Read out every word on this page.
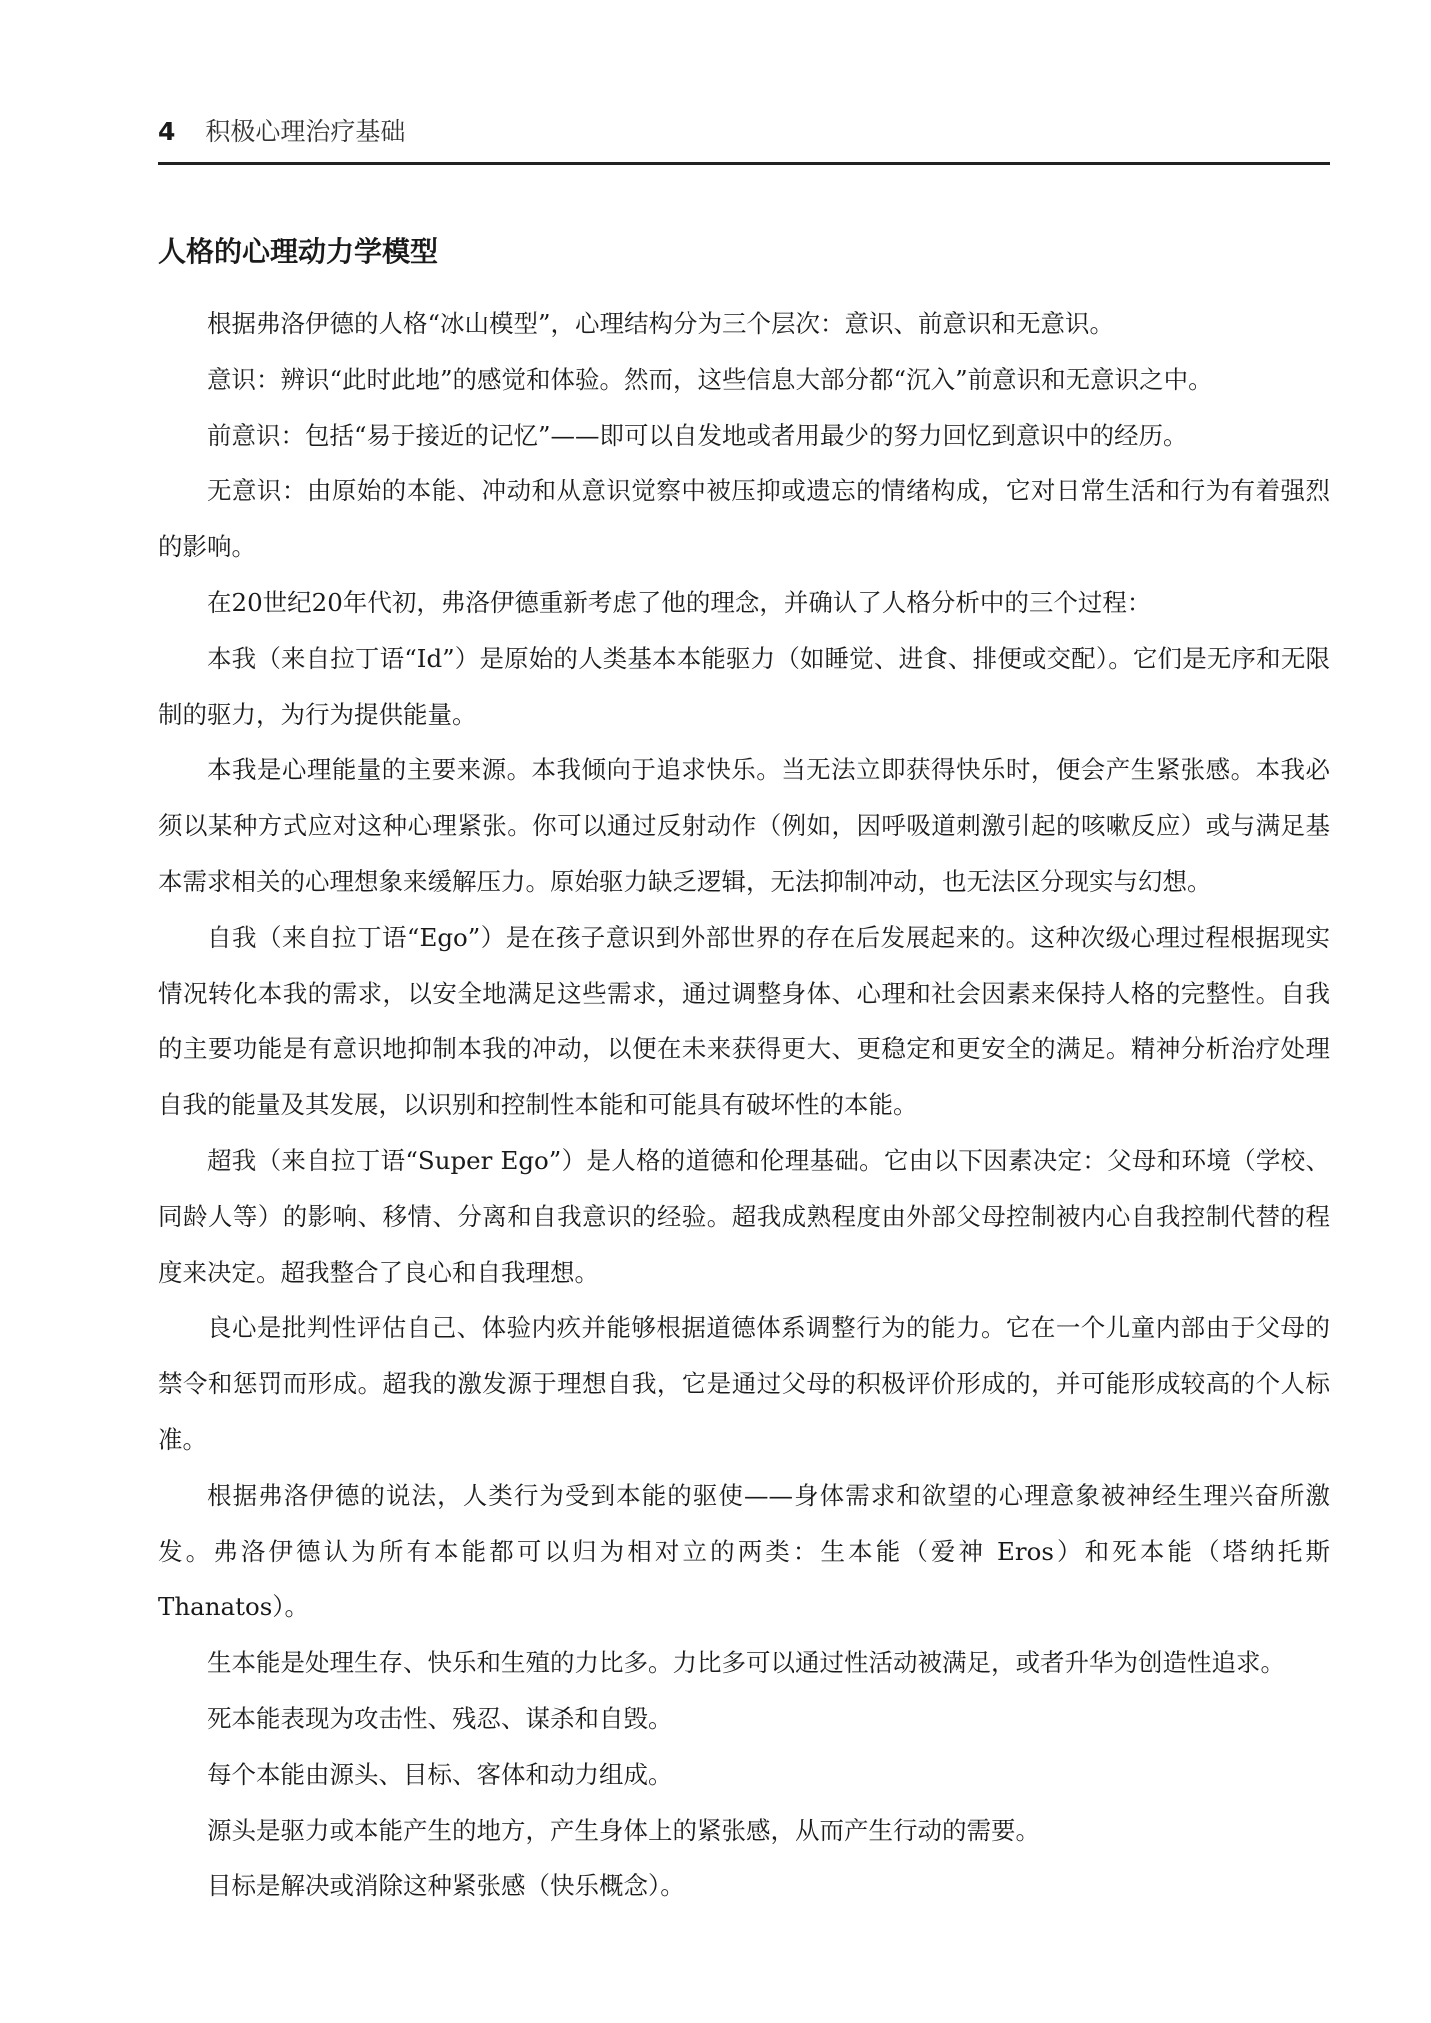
4 积极心理治疗基础
人格的心理动力学模型

根据弗洛伊德的人格“冰山模型”，心理结构分为三个层次：意识、前意识和无意识。

意识：辨识“此时此地”的感觉和体验。然而，这些信息大部分都“沉入”前意识和无意识之中。

前意识：包括“易于接近的记忆”——即可以自发地或者用最少的努力回忆到意识中的经历。

无意识：由原始的本能、冲动和从意识觉察中被压抑或遗忘的情绪构成，它对日常生活和行为有着强烈的影响。

在20世纪20年代初，弗洛伊德重新考虑了他的理念，并确认了人格分析中的三个过程：

本我（来自拉丁语“Id”）是原始的人类基本本能驱力（如睡觉、进食、排便或交配）。它们是无序和无限制的驱力，为行为提供能量。

本我是心理能量的主要来源。本我倾向于追求快乐。当无法立即获得快乐时，便会产生紧张感。本我必须以某种方式应对这种心理紧张。你可以通过反射动作（例如，因呼吸道刺激引起的咳嗽反应）或与满足基本需求相关的心理想象来缓解压力。原始驱力缺乏逻辑，无法抑制冲动，也无法区分现实与幻想。

自我（来自拉丁语“Ego”）是在孩子意识到外部世界的存在后发展起来的。这种次级心理过程根据现实情况转化本我的需求，以安全地满足这些需求，通过调整身体、心理和社会因素来保持人格的完整性。自我的主要功能是有意识地抑制本我的冲动，以便在未来获得更大、更稳定和更安全的满足。精神分析治疗处理自我的能量及其发展，以识别和控制性本能和可能具有破坏性的本能。

超我（来自拉丁语“Super Ego”）是人格的道德和伦理基础。它由以下因素决定：父母和环境（学校、同龄人等）的影响、移情、分离和自我意识的经验。超我成熟程度由外部父母控制被内心自我控制代替的程度来决定。超我整合了良心和自我理想。

良心是批判性评估自己、体验内疚并能够根据道德体系调整行为的能力。它在一个儿童内部由于父母的禁令和惩罚而形成。超我的激发源于理想自我，它是通过父母的积极评价形成的，并可能形成较高的个人标准。

根据弗洛伊德的说法，人类行为受到本能的驱使——身体需求和欲望的心理意象被神经生理兴奋所激发。弗洛伊德认为所有本能都可以归为相对立的两类：生本能（爱神 Eros）和死本能（塔纳托斯 Thanatos）。

生本能是处理生存、快乐和生殖的力比多。力比多可以通过性活动被满足，或者升华为创造性追求。

死本能表现为攻击性、残忍、谋杀和自毁。

每个本能由源头、目标、客体和动力组成。

源头是驱力或本能产生的地方，产生身体上的紧张感，从而产生行动的需要。

目标是解决或消除这种紧张感（快乐概念）。
